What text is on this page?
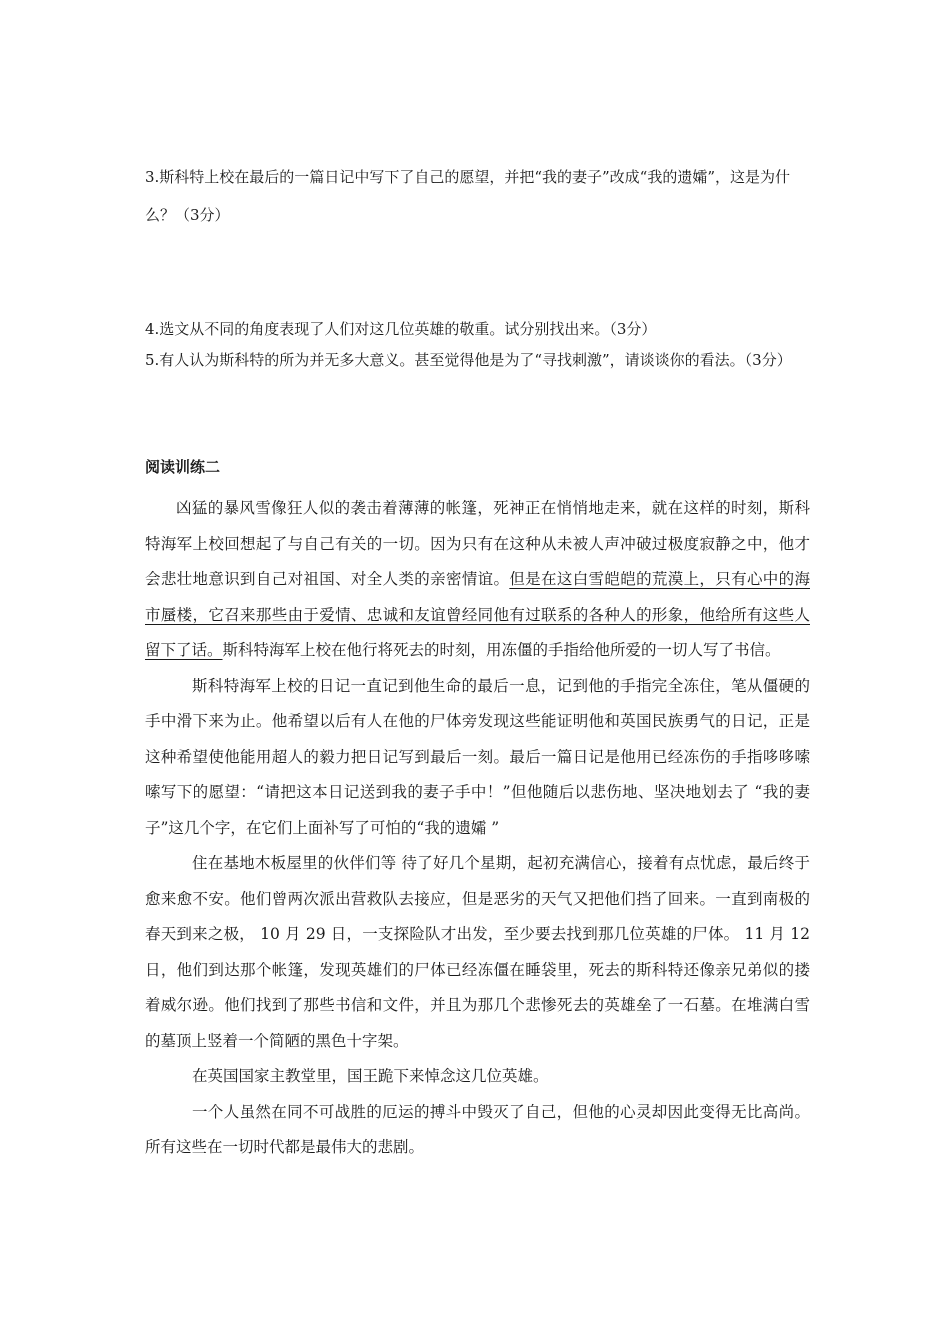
3.斯科特上校在最后的一篇日记中写下了自己的愿望，并把“我的妻子”改成“我的遗孀”，这是为什么？（3分）
4.选文从不同的角度表现了人们对这几位英雄的敬重。试分别找出来。（3分）
5.有人认为斯科特的所为并无多大意义。甚至觉得他是为了“寻找刺激”，请谈谈你的看法。（3分）
阅读训练二

凶猛的暴风雪像狂人似的袭击着薄薄的帐篷，死神正在悄悄地走来，就在这样的时刻，斯科特海军上校回想起了与自己有关的一切。因为只有在这种从未被人声冲破过极度寂静之中，他才会悲壮地意识到自己对祖国、对全人类的亲密情谊。但是在这白雪皑皑的荒漠上，只有心中的海市蜃楼，它召来那些由于爱情、忠诚和友谊曾经同他有过联系的各种人的形象，他给所有这些人留下了话。斯科特海军上校在他行将死去的时刻，用冻僵的手指给他所爱的一切人写了书信。

斯科特海军上校的日记一直记到他生命的最后一息，记到他的手指完全冻住，笔从僵硬的手中滑下来为止。他希望以后有人在他的尸体旁发现这些能证明他和英国民族勇气的日记，正是这种希望使他能用超人的毅力把日记写到最后一刻。最后一篇日记是他用已经冻伤的手指哆哆嗦嗦写下的愿望：“请把这本日记送到我的妻子手中！”但他随后以悲伤地、坚决地划去了 “我的妻子”这几个字，在它们上面补写了可怕的“我的遗孀 ”

住在基地木板屋里的伙伴们等 待了好几个星期，起初充满信心，接着有点忧虑，最后终于愈来愈不安。他们曾两次派出营救队去接应，但是恶劣的天气又把他们挡了回来。一直到南极的春天到来之极， 10 月 29 日，一支探险队才出发，至少要去找到那几位英雄的尸体。 11 月 12 日，他们到达那个帐篷，发现英雄们的尸体已经冻僵在睡袋里，死去的斯科特还像亲兄弟似的搂着威尔逊。他们找到了那些书信和文件，并且为那几个悲惨死去的英雄垒了一石墓。在堆满白雪的墓顶上竖着一个简陋的黑色十字架。

在英国国家主教堂里，国王跪下来悼念这几位英雄。

一个人虽然在同不可战胜的厄运的搏斗中毁灭了自己，但他的心灵却因此变得无比高尚。所有这些在一切时代都是最伟大的悲剧。
